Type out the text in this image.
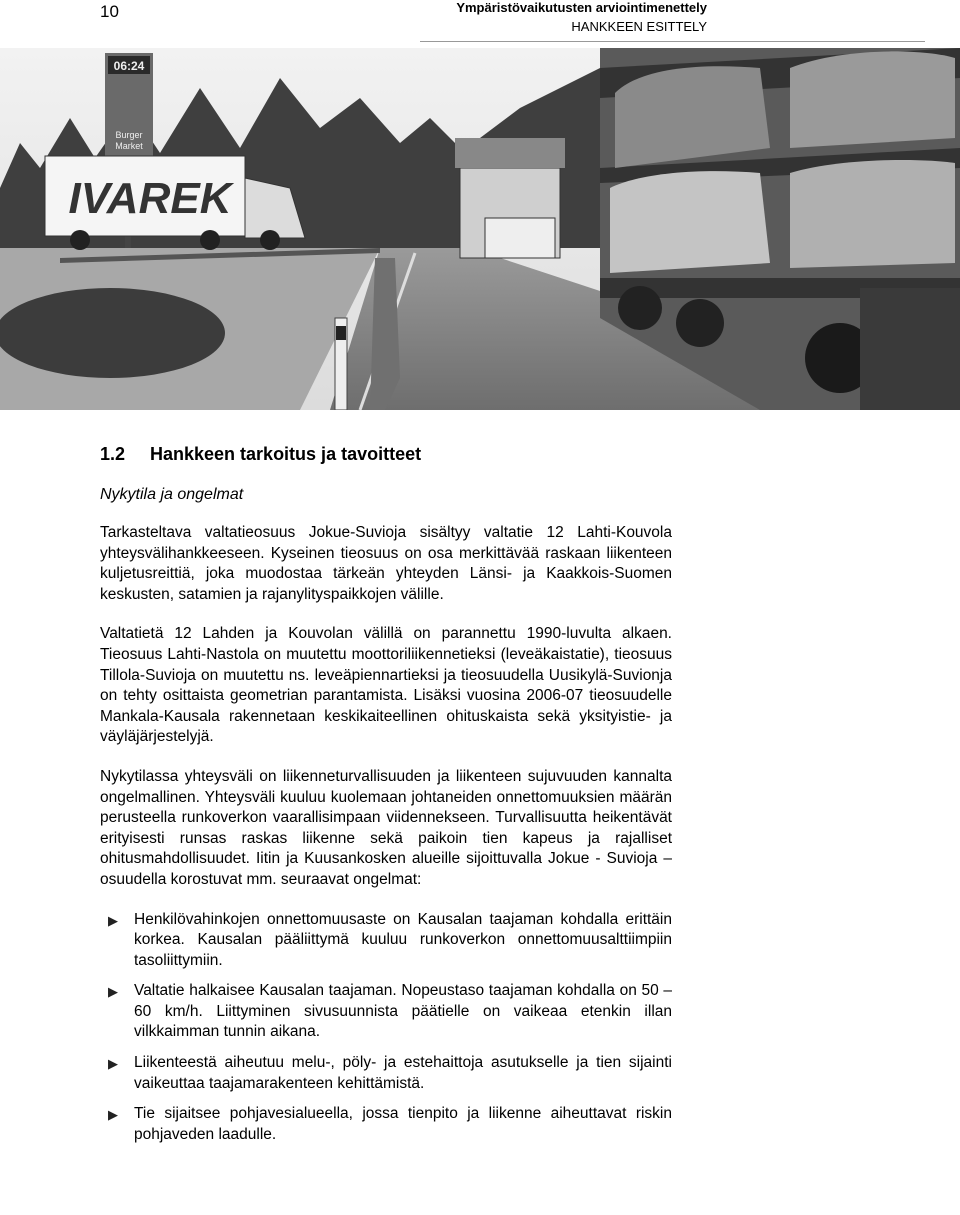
10	Ympäristövaikutusten arviointimenettely
HANKKEEN ESITTELY
06:24
Burger
Market
IVAREK
1.2 Hankkeen tarkoitus ja tavoitteet
Nykytila ja ongelmat

Tarkasteltava valtatieosuus Jokue-Suvioja sisältyy valtatie 12 Lahti-Kouvola yhteysvälihankkeeseen. Kyseinen tieosuus on osa merkittävää raskaan liikenteen kuljetusreittiä, joka muodostaa tärkeän yhteyden Länsi- ja Kaakkois-Suomen keskusten, satamien ja rajanylityspaikkojen välille.

Valtatietä 12 Lahden ja Kouvolan välillä on parannettu 1990-luvulta alkaen. Tieosuus Lahti-Nastola on muutettu moottoriliikennetieksi (leveäkaistatie), tieosuus Tillola-Suvioja on muutettu ns. leveäpiennartieksi ja tieosuudella Uusikylä-Suvionja on tehty osittaista geometrian parantamista. Lisäksi vuosina 2006-07 tieosuudelle Mankala-Kausala rakennetaan keskikaiteellinen ohituskaista sekä yksityistie- ja väyläjärjestelyjä.

Nykytilassa yhteysväli on liikenneturvallisuuden ja liikenteen sujuvuuden kannalta ongelmallinen. Yhteysväli kuuluu kuolemaan johtaneiden onnettomuuksien määrän perusteella runkoverkon vaarallisimpaan viidennekseen. Turvallisuutta heikentävät erityisesti runsas raskas liikenne sekä paikoin tien kapeus ja rajalliset ohitusmahdollisuudet. Iitin ja Kuusankosken alueille sijoittuvalla Jokue - Suvioja –osuudella korostuvat mm. seuraavat ongelmat:

▶ Henkilövahinkojen onnettomuusaste on Kausalan taajaman kohdalla erittäin korkea. Kausalan pääliittymä kuuluu runkoverkon onnettomuusalttiimpiin tasoliittymiin.
▶ Valtatie halkaisee Kausalan taajaman. Nopeustaso taajaman kohdalla on 50 – 60 km/h. Liittyminen sivusuunnista päätielle on vaikeaa etenkin illan vilkkaimman tunnin aikana.
▶ Liikenteestä aiheutuu melu-, pöly- ja estehaittoja asutukselle ja tien sijainti vaikeuttaa taajamarakenteen kehittämistä.
▶ Tie sijaitsee pohjavesialueella, jossa tienpito ja liikenne aiheuttavat riskin pohjaveden laadulle.
